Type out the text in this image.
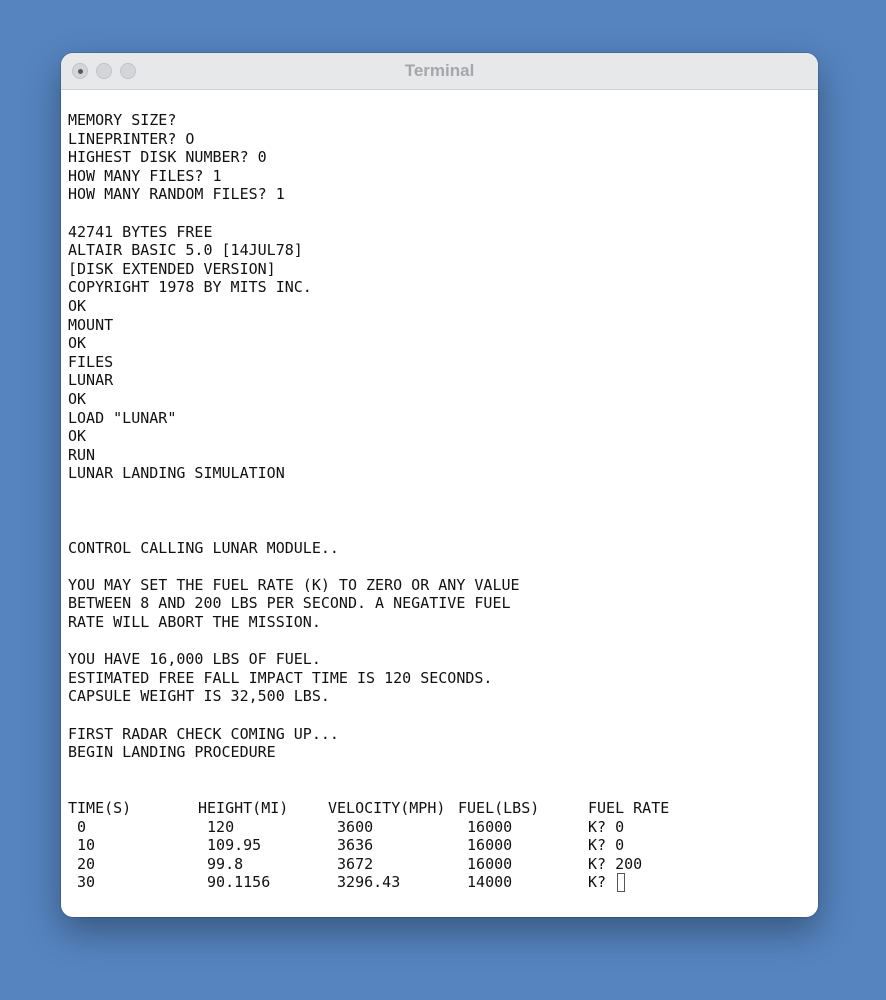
Terminal
MEMORY SIZE?
LINEPRINTER? O
HIGHEST DISK NUMBER? 0
HOW MANY FILES? 1
HOW MANY RANDOM FILES? 1
42741 BYTES FREE
ALTAIR BASIC 5.0 [14JUL78]
[DISK EXTENDED VERSION]
COPYRIGHT 1978 BY MITS INC.
OK
MOUNT
OK
FILES
LUNAR
OK
LOAD "LUNAR"
OK
RUN
LUNAR LANDING SIMULATION
CONTROL CALLING LUNAR MODULE..
YOU MAY SET THE FUEL RATE (K) TO ZERO OR ANY VALUE
BETWEEN 8 AND 200 LBS PER SECOND. A NEGATIVE FUEL
RATE WILL ABORT THE MISSION.
YOU HAVE 16,000 LBS OF FUEL.
ESTIMATED FREE FALL IMPACT TIME IS 120 SECONDS.
CAPSULE WEIGHT IS 32,500 LBS.
FIRST RADAR CHECK COMING UP...
BEGIN LANDING PROCEDURE
TIME(S)	HEIGHT(MI)	VELOCITY(MPH) FUEL(LBS)	FUEL RATE
0	120	3600	16000	K? 0
10	109.95	3636	16000	K? 0
20	99.8	3672	16000	K? 200
30	90.1156	3296.43	14000	K?
